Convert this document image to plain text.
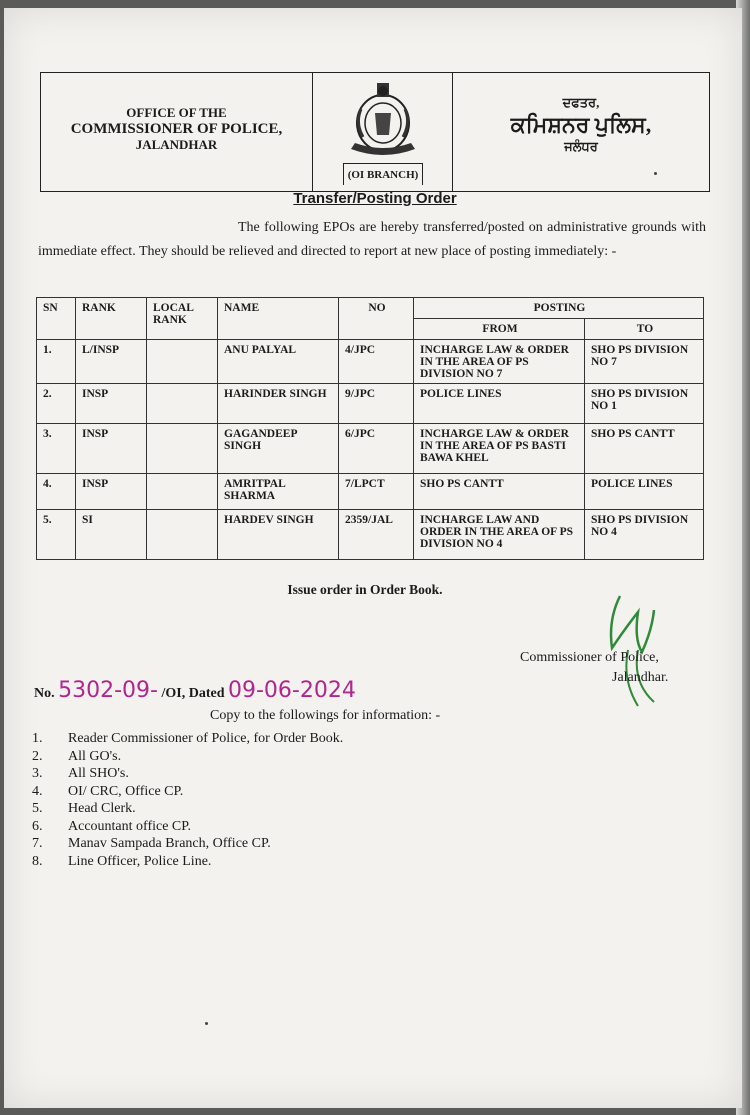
OFFICE OF THE
COMMISSIONER OF POLICE,
JALANDHAR
(OI BRANCH)
ਦਫਤਰ,
ਕਮਿਸ਼ਨਰ ਪੁਲਿਸ,
ਜਲੰਧਰ
Transfer/Posting Order
The following EPOs are hereby transferred/posted on administrative grounds with immediate effect. They should be relieved and directed to report at new place of posting immediately: -
SN	RANK	LOCAL RANK	NAME	NO	POSTING	
					FROM	TO
1.	L/INSP		ANU PALYAL	4/JPC	INCHARGE LAW & ORDER IN THE AREA OF PS DIVISION NO 7	SHO PS DIVISION NO 7
2.	INSP		HARINDER SINGH	9/JPC	POLICE LINES	SHO PS DIVISION NO 1
3.	INSP		GAGANDEEP SINGH	6/JPC	INCHARGE LAW & ORDER IN THE AREA OF PS BASTI BAWA KHEL	SHO PS CANTT
4.	INSP		AMRITPAL SHARMA	7/LPCT	SHO PS CANTT	POLICE LINES
5.	SI		HARDEV SINGH	2359/JAL	INCHARGE LAW AND ORDER IN THE AREA OF PS DIVISION NO 4	SHO PS DIVISION NO 4
Issue order in Order Book.
Commissioner of Police,
Jalandhar.
No. 5302-09- /OI, Dated 09-06-2024
Copy to the followings for information: -
1. Reader Commissioner of Police, for Order Book.
2. All GO's.
3. All SHO's.
4. OI/ CRC, Office CP.
5. Head Clerk.
6. Accountant office CP.
7. Manav Sampada Branch, Office CP.
8. Line Officer, Police Line.
